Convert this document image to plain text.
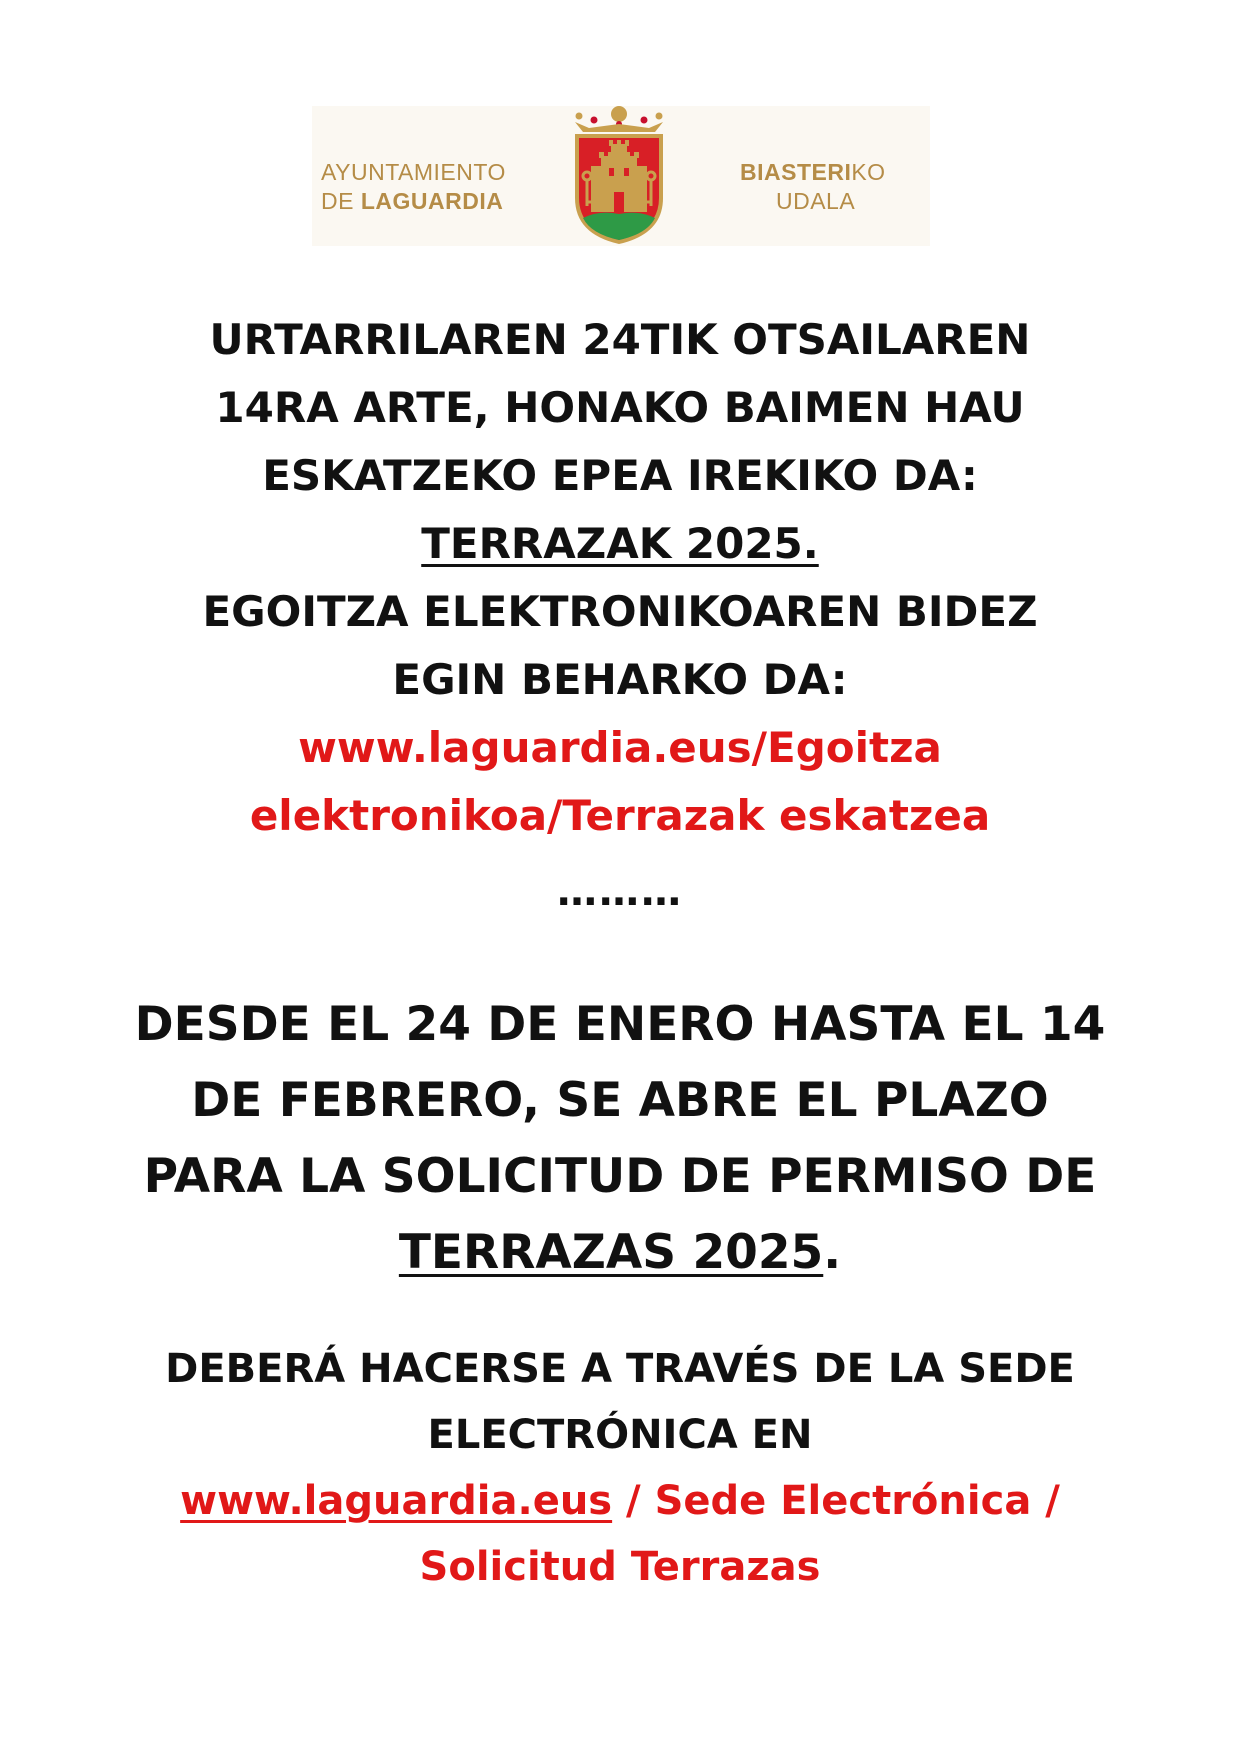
AYUNTAMIENTO
DE LAGUARDIA
BIASTERIKO
UDALA
URTARRILAREN 24TIK OTSAILAREN
14RA ARTE, HONAKO BAIMEN HAU
ESKATZEKO EPEA IREKIKO DA:
TERRAZAK 2025.
EGOITZA ELEKTRONIKOAREN BIDEZ
EGIN BEHARKO DA:
www.laguardia.eus/Egoitza
elektronikoa/Terrazak eskatzea
………
DESDE EL 24 DE ENERO HASTA EL 14
DE FEBRERO, SE ABRE EL PLAZO
PARA LA SOLICITUD DE PERMISO DE
TERRAZAS 2025.
DEBERÁ HACERSE A TRAVÉS DE LA SEDE
ELECTRÓNICA EN
www.laguardia.eus / Sede Electrónica /
Solicitud Terrazas
